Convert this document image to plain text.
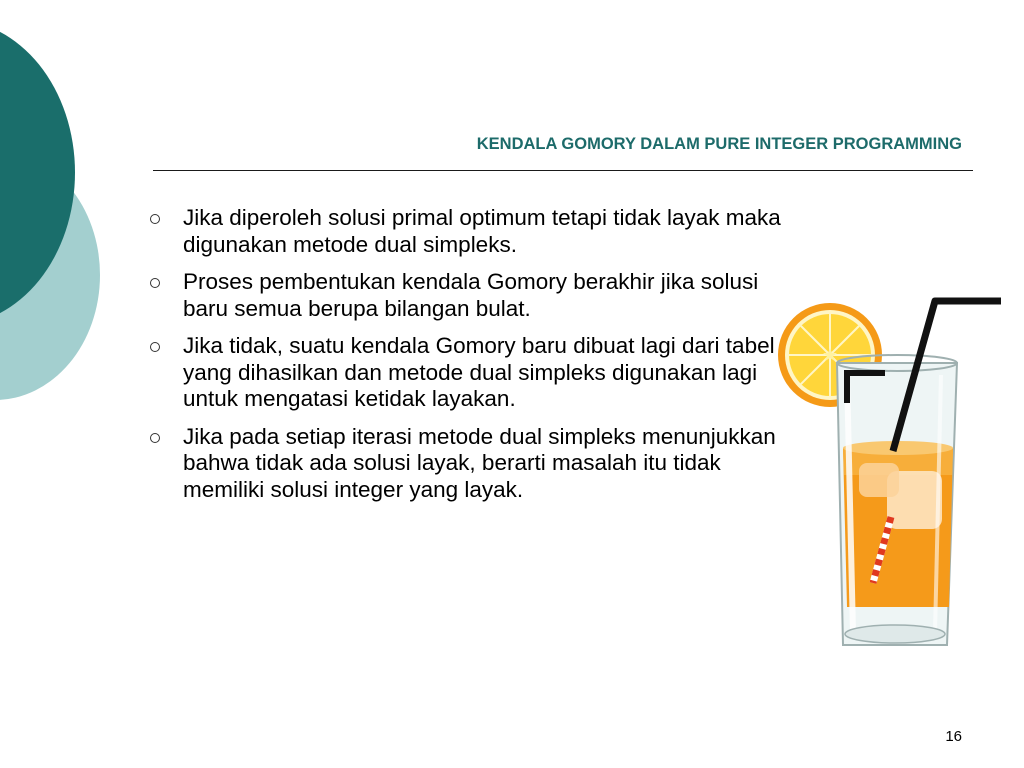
KENDALA GOMORY DALAM PURE INTEGER PROGRAMMING
Jika diperoleh solusi primal optimum tetapi tidak layak maka digunakan metode dual simpleks.
Proses pembentukan kendala Gomory berakhir jika solusi baru semua berupa bilangan bulat.
Jika tidak, suatu kendala Gomory baru dibuat lagi dari tabel yang dihasilkan dan metode dual simpleks digunakan lagi untuk mengatasi ketidak layakan.
Jika pada setiap iterasi metode dual simpleks menunjukkan bahwa tidak ada solusi layak, berarti masalah itu tidak memiliki solusi integer yang layak.
16
